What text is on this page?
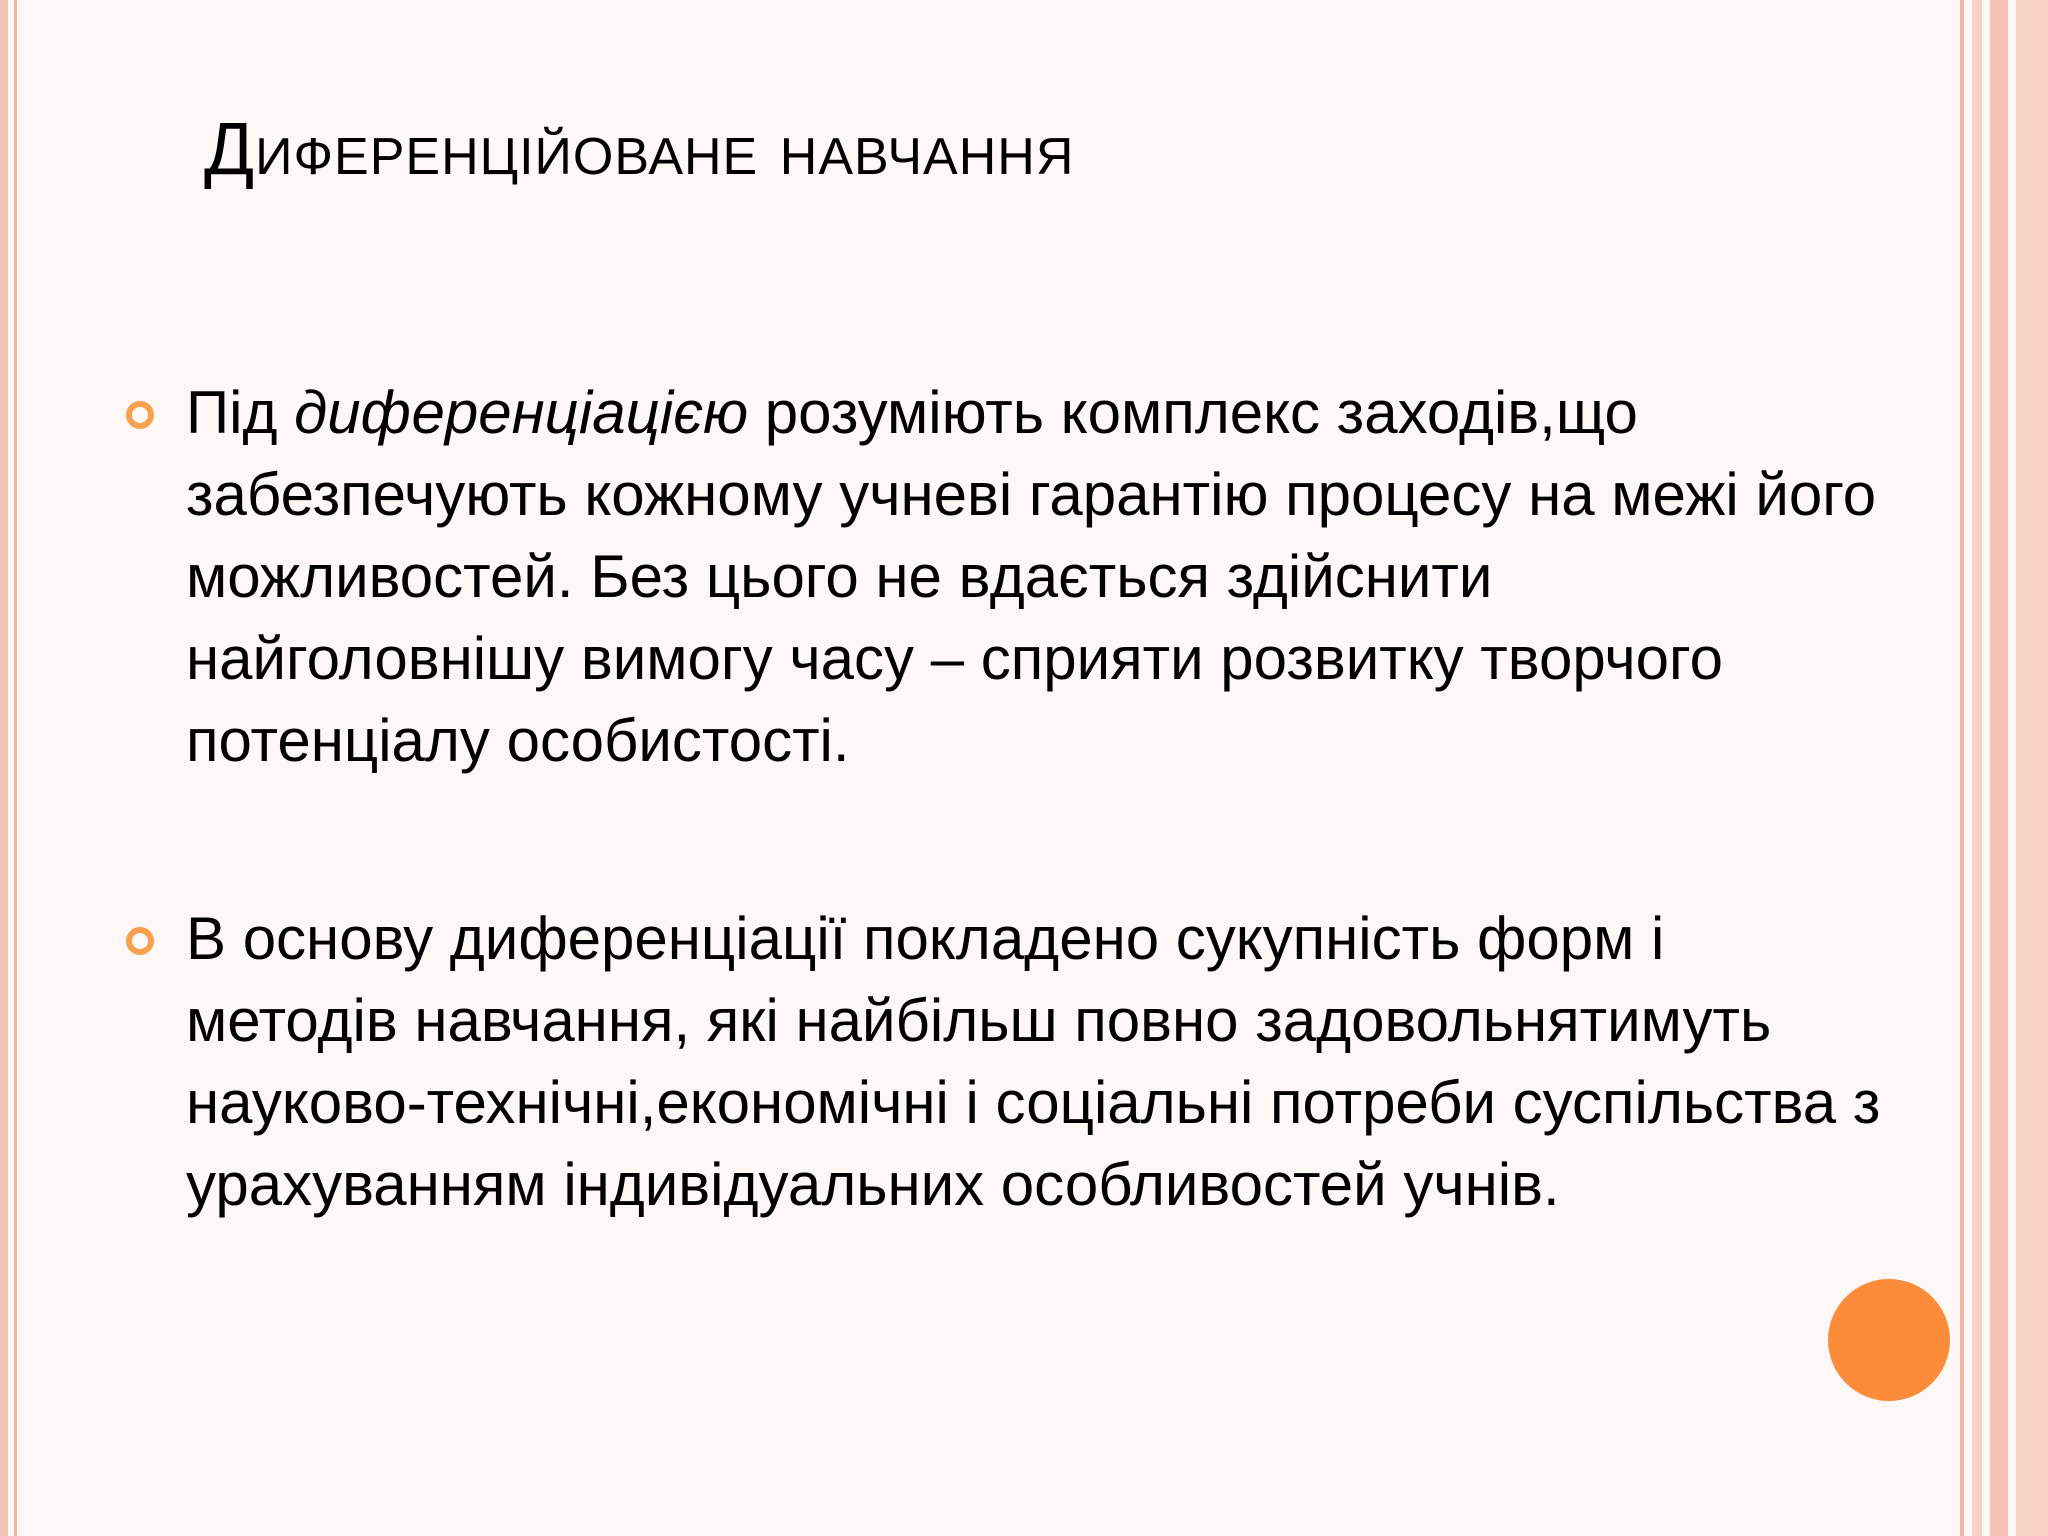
Диференційоване навчання

Під диференціацією розуміють комплекс заходів,що забезпечують кожному учневі гарантію процесу на межі його можливостей. Без цього не вдається здійснити найголовнішу вимогу часу – сприяти розвитку творчого потенціалу особистості.

В основу диференціації покладено сукупність форм і методів навчання, які найбільш повно задовольнятимуть науково-технічні,економічні і соціальні потреби суспільства з урахуванням індивідуальних особливостей учнів.
